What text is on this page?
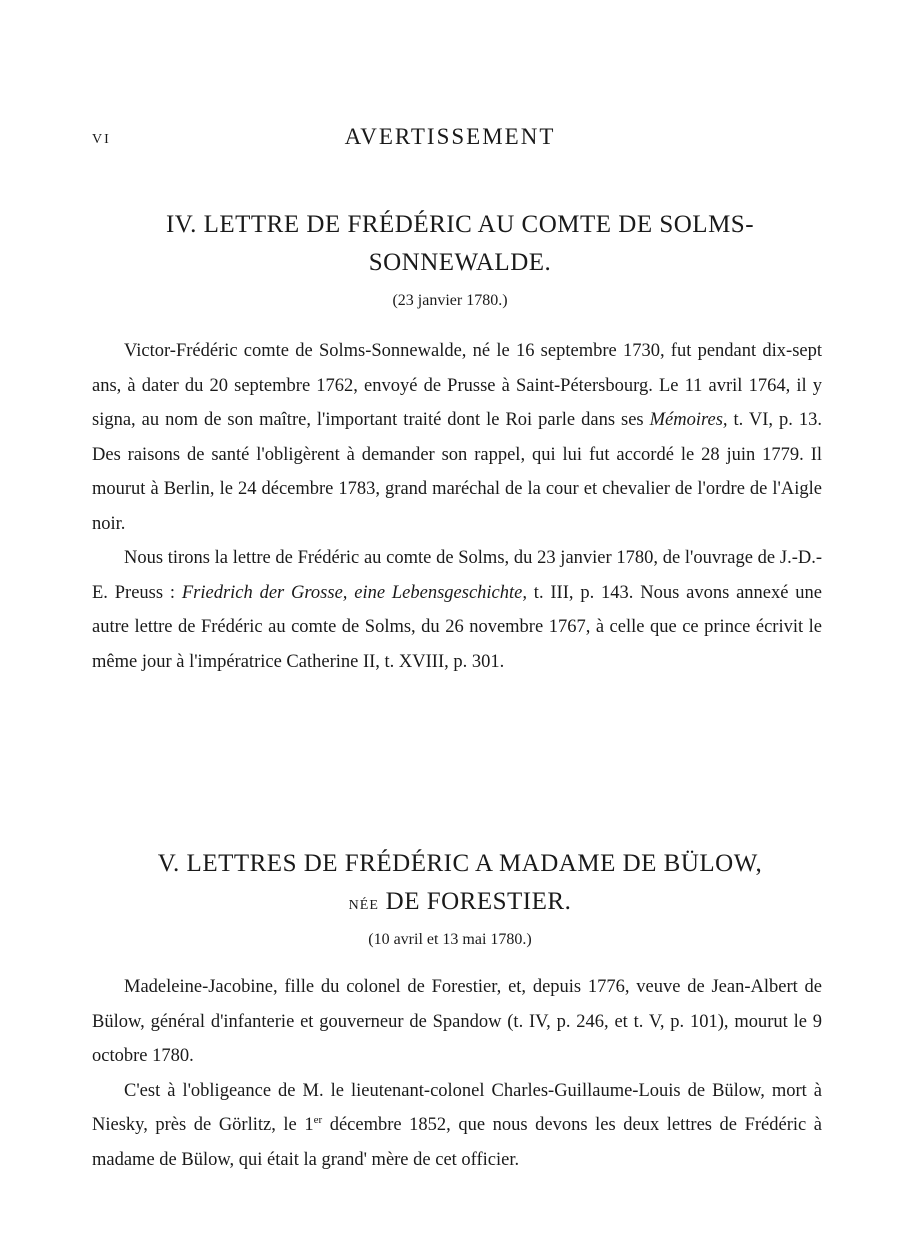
VI	AVERTISSEMENT
IV. LETTRE DE FRÉDÉRIC AU COMTE DE SOLMS-
SONNEWALDE.
(23 janvier 1780.)

Victor-Frédéric comte de Solms-Sonnewalde, né le 16 septembre 1730, fut pendant dix-sept ans, à dater du 20 septembre 1762, envoyé de Prusse à Saint-Pétersbourg. Le 11 avril 1764, il y signa, au nom de son maître, l'important traité dont le Roi parle dans ses Mémoires, t. VI, p. 13. Des raisons de santé l'obligèrent à demander son rappel, qui lui fut accordé le 28 juin 1779. Il mourut à Berlin, le 24 décembre 1783, grand maréchal de la cour et chevalier de l'ordre de l'Aigle noir.

Nous tirons la lettre de Frédéric au comte de Solms, du 23 janvier 1780, de l'ouvrage de J.-D.-E. Preuss : Friedrich der Grosse, eine Lebensgeschichte, t. III, p. 143. Nous avons annexé une autre lettre de Frédéric au comte de Solms, du 26 novembre 1767, à celle que ce prince écrivit le même jour à l'impératrice Catherine II, t. XVIII, p. 301.

V. LETTRES DE FRÉDÉRIC A MADAME DE BÜLOW,
NÉE DE FORESTIER.
(10 avril et 13 mai 1780.)

Madeleine-Jacobine, fille du colonel de Forestier, et, depuis 1776, veuve de Jean-Albert de Bülow, général d'infanterie et gouverneur de Spandow (t. IV, p. 246, et t. V, p. 101), mourut le 9 octobre 1780.

C'est à l'obligeance de M. le lieutenant-colonel Charles-Guillaume-Louis de Bülow, mort à Niesky, près de Görlitz, le 1er décembre 1852, que nous devons les deux lettres de Frédéric à madame de Bülow, qui était la grand' mère de cet officier.
